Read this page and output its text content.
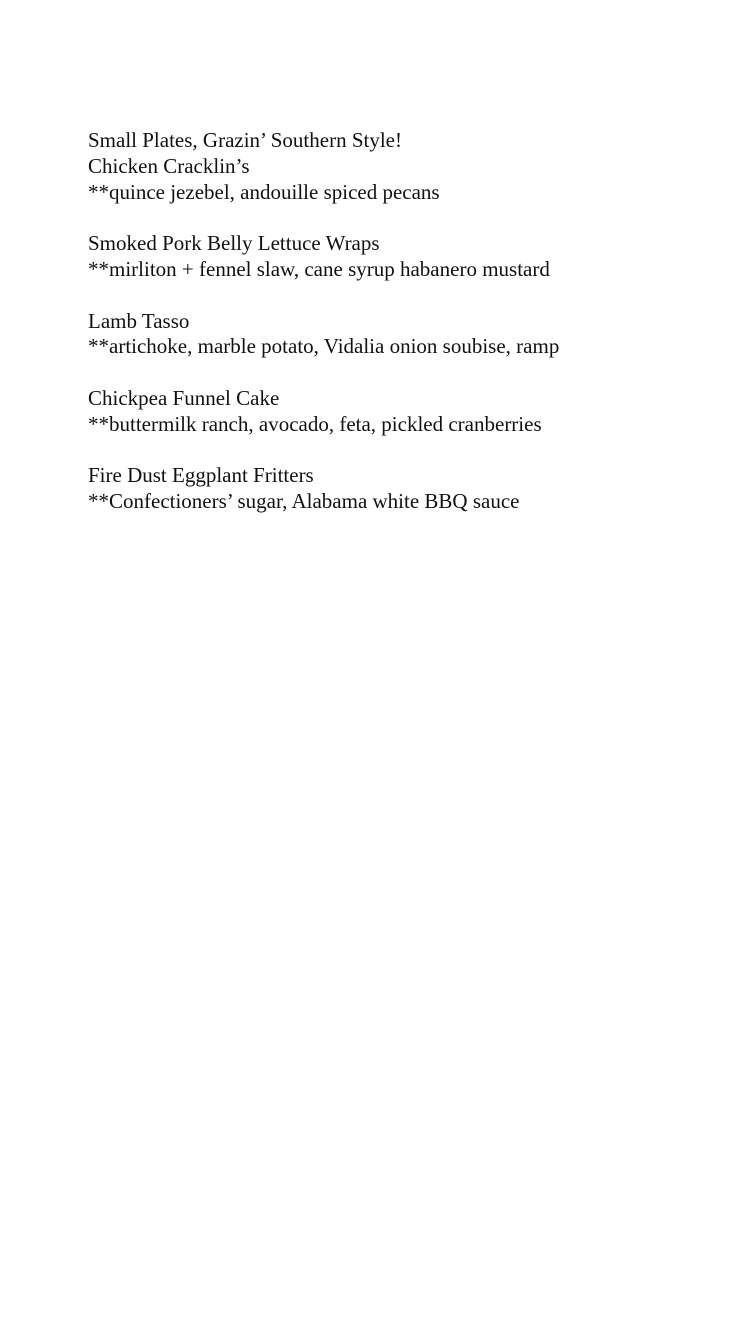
Small Plates, Grazin’ Southern Style!
Chicken Cracklin’s
**quince jezebel, andouille spiced pecans
Smoked Pork Belly Lettuce Wraps
**mirliton + fennel slaw, cane syrup habanero mustard
Lamb Tasso
**artichoke, marble potato, Vidalia onion soubise, ramp
Chickpea Funnel Cake
**buttermilk ranch, avocado, feta, pickled cranberries
Fire Dust Eggplant Fritters
**Confectioners’ sugar, Alabama white BBQ sauce
